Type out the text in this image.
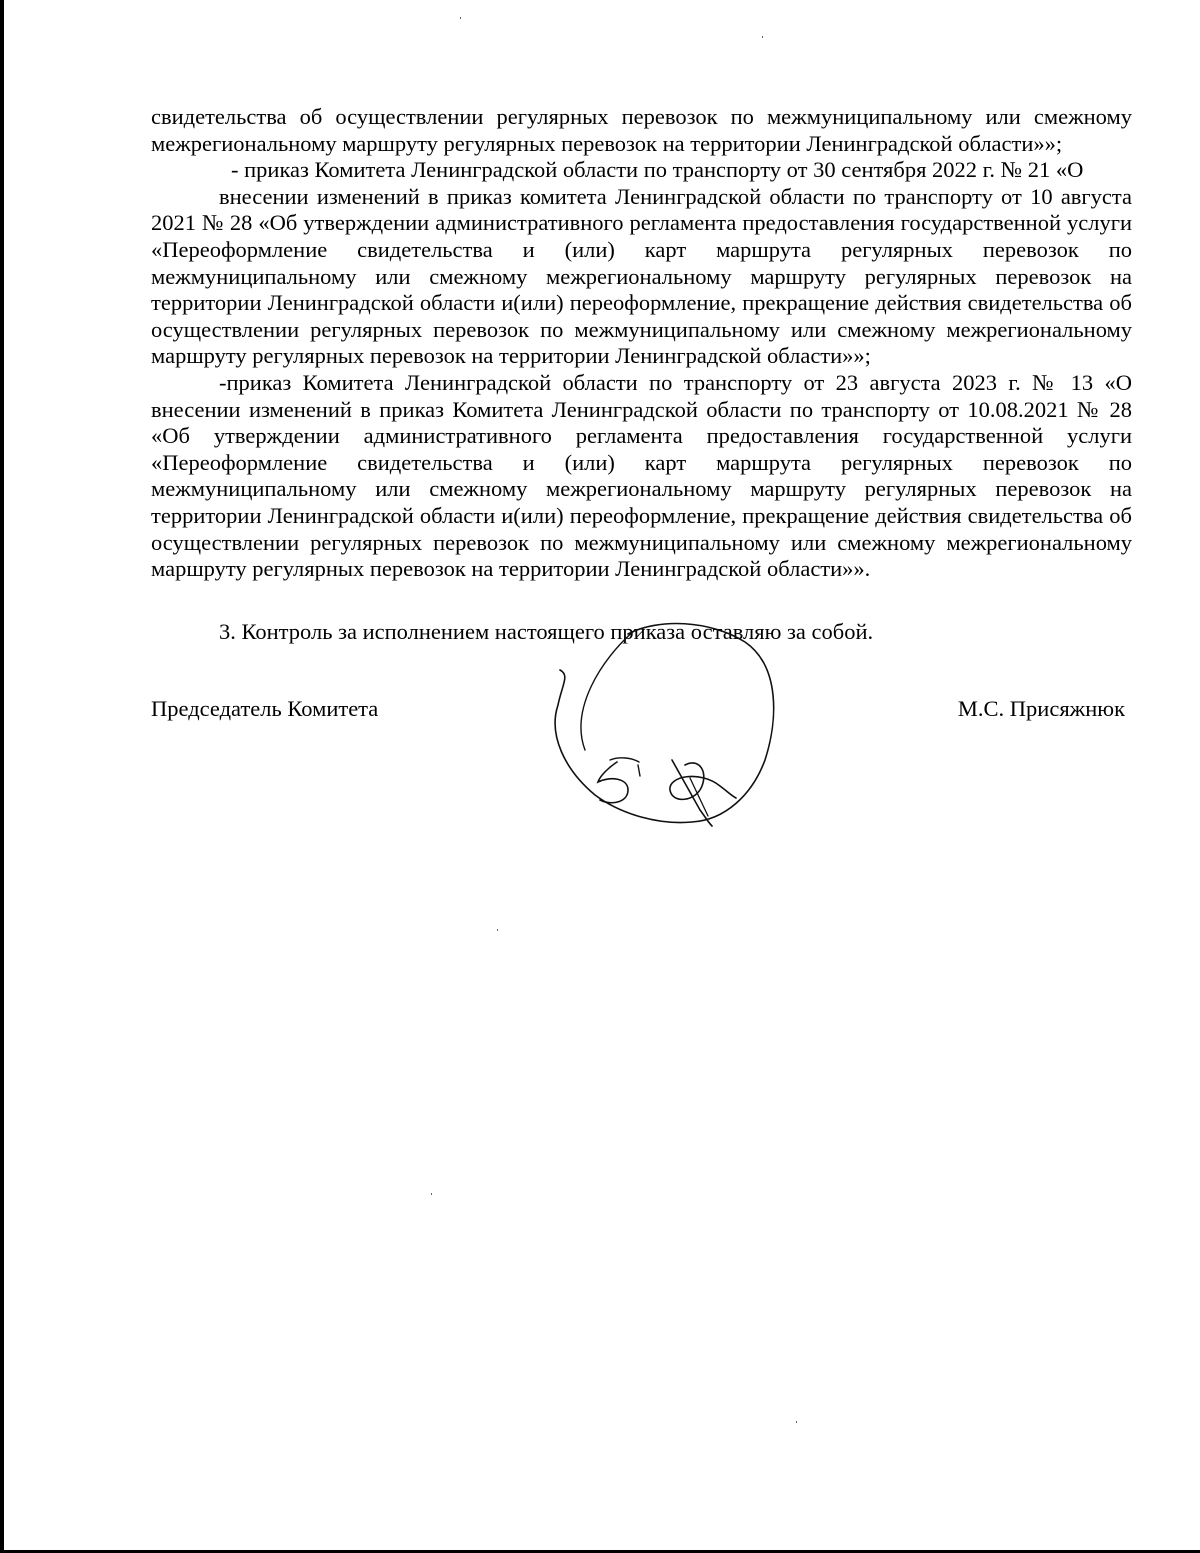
свидетельства об осуществлении регулярных перевозок по межмуниципальному или смежному межрегиональному маршруту регулярных перевозок на территории Ленинградской области»»;

- приказ Комитета Ленинградской области по транспорту от 30 сентября 2022 г. № 21 «О

внесении изменений в приказ комитета Ленинградской области по транспорту от 10 августа 2021 № 28 «Об утверждении административного регламента предоставления государственной услуги «Переоформление свидетельства и (или) карт маршрута регулярных перевозок по межмуниципальному или смежному межрегиональному маршруту регулярных перевозок на территории Ленинградской области и(или) переоформление, прекращение действия свидетельства об осуществлении регулярных перевозок по межмуниципальному или смежному межрегиональному маршруту регулярных перевозок на территории Ленинградской области»»;

-приказ Комитета Ленинградской области по транспорту от 23 августа 2023 г. № 13 «О внесении изменений в приказ Комитета Ленинградской области по транспорту от 10.08.2021 № 28 «Об утверждении административного регламента предоставления государственной услуги «Переоформление свидетельства и (или) карт маршрута регулярных перевозок по межмуниципальному или смежному межрегиональному маршруту регулярных перевозок на территории Ленинградской области и(или) переоформление, прекращение действия свидетельства об осуществлении регулярных перевозок по межмуниципальному или смежному межрегиональному маршруту регулярных перевозок на территории Ленинградской области»».

3. Контроль за исполнением настоящего приказа оставляю за собой.
Председатель Комитета	М.С. Присяжнюк
